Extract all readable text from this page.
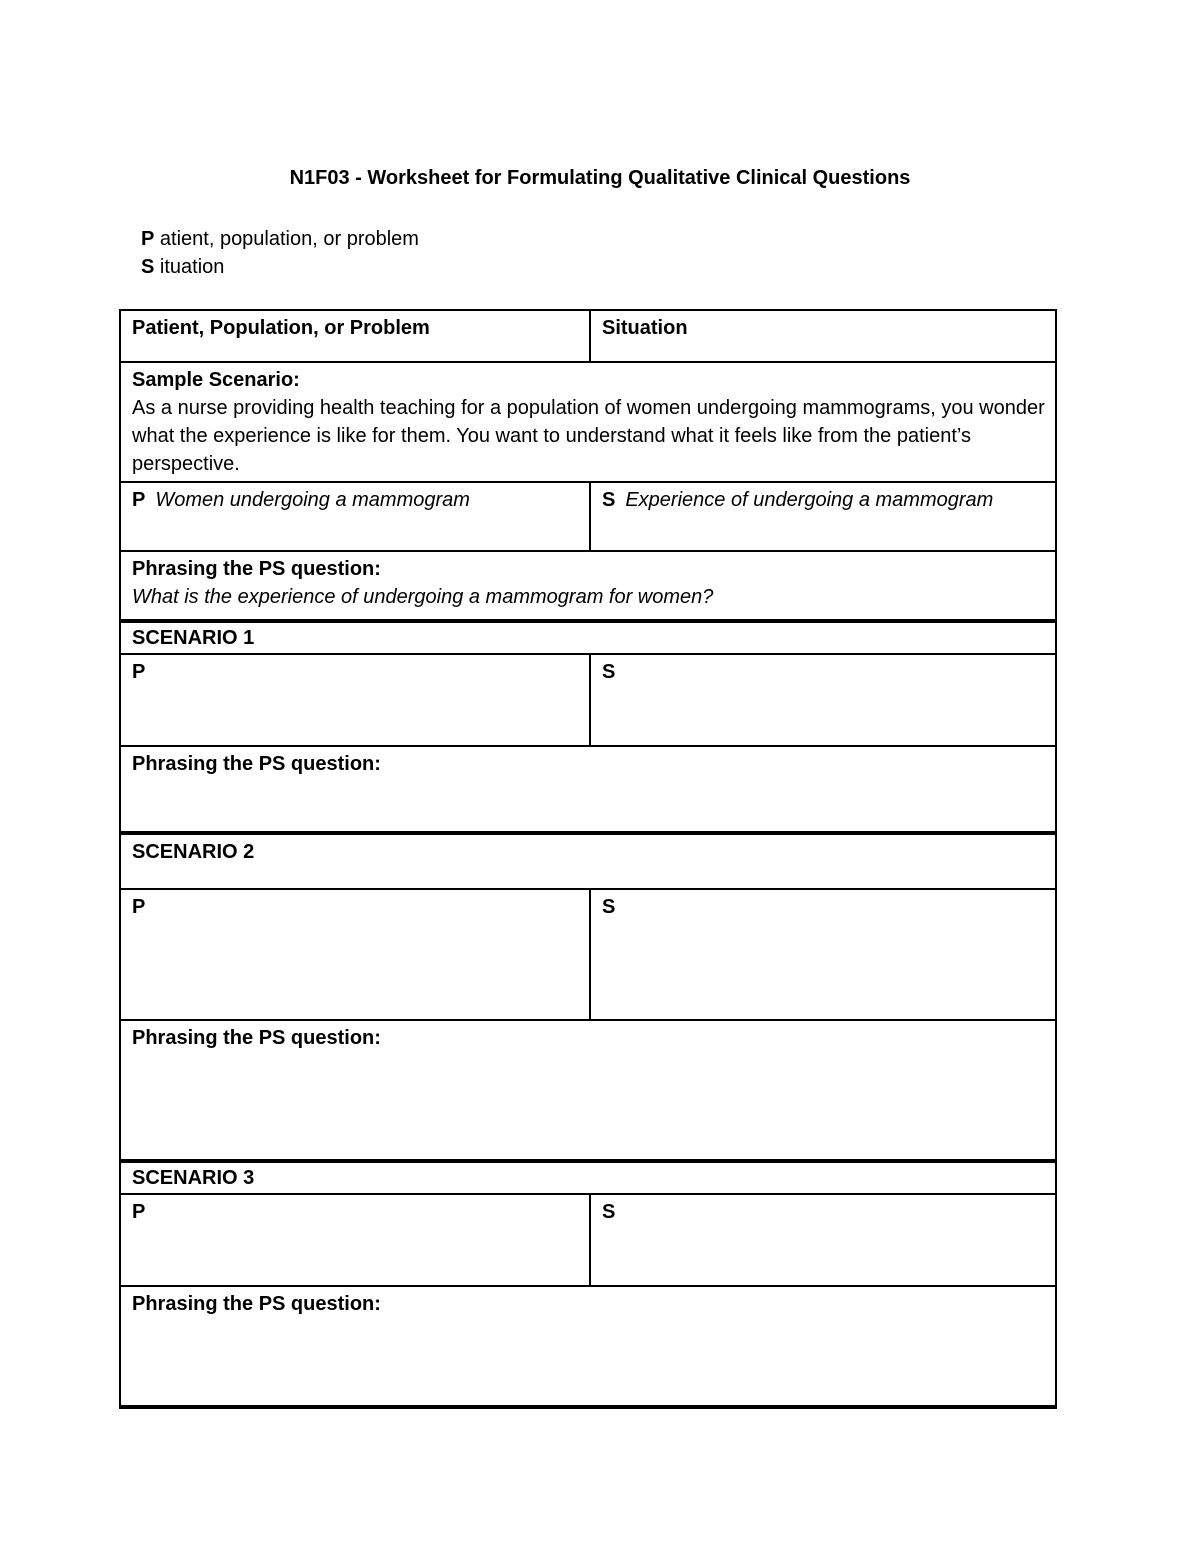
N1F03 - Worksheet for Formulating Qualitative Clinical Questions
P atient, population, or problem
S ituation
Patient, Population, or Problem	Situation

Sample Scenario:
As a nurse providing health teaching for a population of women undergoing mammograms, you wonder what the experience is like for them. You want to understand what it feels like from the patient’s perspective.	

P Women undergoing a mammogram	S Experience of undergoing a mammogram

Phrasing the PS question:
What is the experience of undergoing a mammogram for women?	

SCENARIO 1	
P	S
Phrasing the PS question:	
SCENARIO 2	
P	S
Phrasing the PS question:	
SCENARIO 3	
P	S
Phrasing the PS question:	
